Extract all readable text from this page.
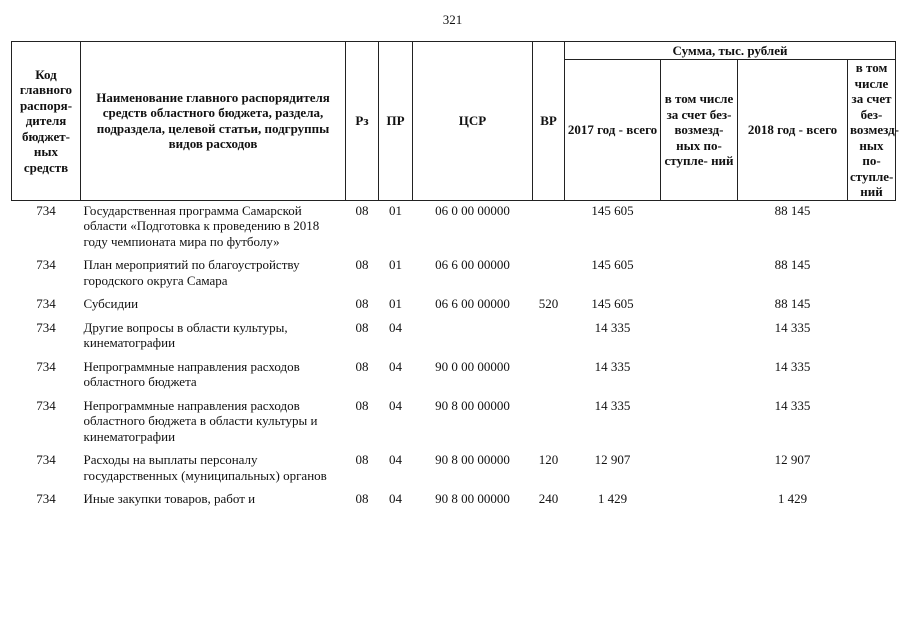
321
Код главного распоря- дителя бюджет- ных средств	Наименование главного распорядителя средств областного бюджета, раздела, подраздела, целевой статьи, подгруппы видов расходов	Рз	ПР	ЦСР	ВР	Сумма, тыс. рублей			
						2017 год - всего	в том числе за счет без- возмезд- ных по- ступле- ний	2018 год - всего	в том числе за счет без- возмезд- ных по- ступле- ний
734	Государственная программа Самарской области «Подготовка к проведению в 2018 году чемпионата мира по футболу»	08	01	06 0 00 00000		145 605		88 145	
734	План мероприятий по благоустройству городского округа Самара	08	01	06 6 00 00000		145 605		88 145	
734	Субсидии	08	01	06 6 00 00000	520	145 605		88 145	
734	Другие вопросы в области культуры, кинематографии	08	04			14 335		14 335	
734	Непрограммные направления расходов областного бюджета	08	04	90 0 00 00000		14 335		14 335	
734	Непрограммные направления расходов областного бюджета в области культуры и кинематографии	08	04	90 8 00 00000		14 335		14 335	
734	Расходы на выплаты персоналу государственных (муниципальных) органов	08	04	90 8 00 00000	120	12 907		12 907	
734	Иные закупки товаров, работ и	08	04	90 8 00 00000	240	1 429		1 429	
